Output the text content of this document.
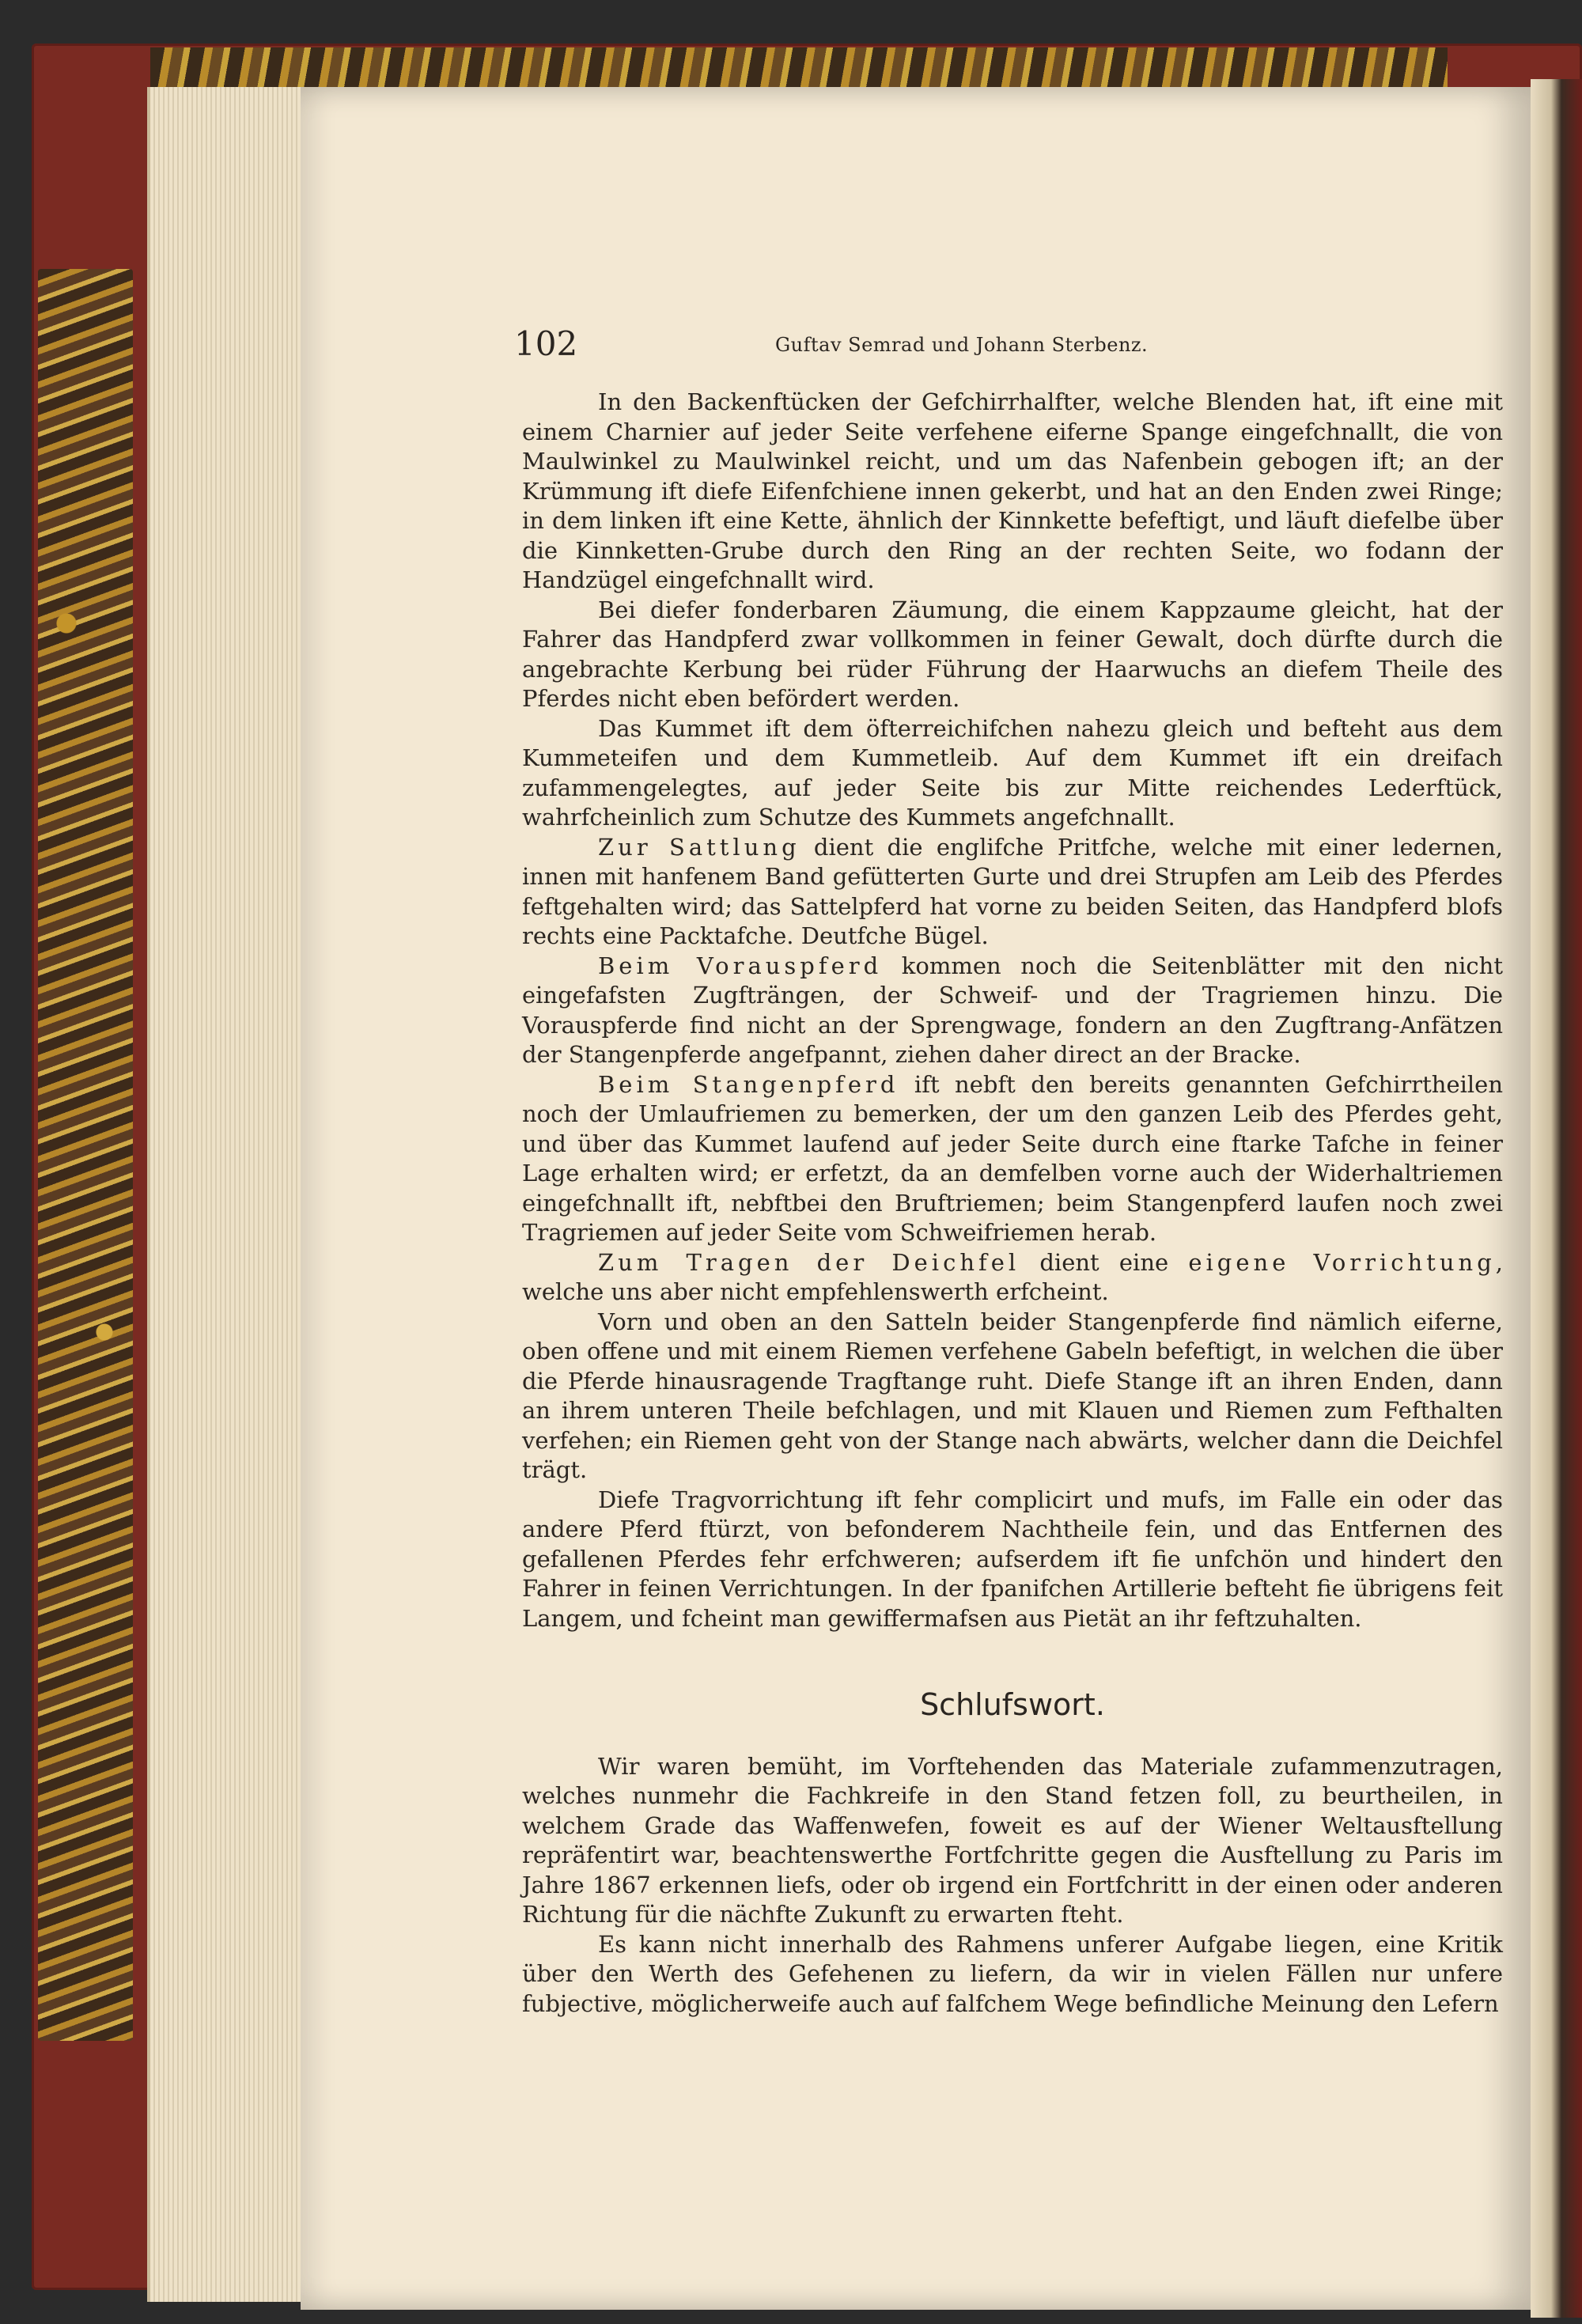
102	Guftav Semrad und Johann Sterbenz.

In den Backenftücken der Gefchirrhalfter, welche Blenden hat, ift eine mit einem Charnier auf jeder Seite verfehene eiferne Spange eingefchnallt, die von Maulwinkel zu Maulwinkel reicht, und um das Nafenbein gebogen ift; an der Krümmung ift diefe Eifenfchiene innen gekerbt, und hat an den Enden zwei Ringe; in dem linken ift eine Kette, ähnlich der Kinnkette befeftigt, und läuft diefelbe über die Kinnketten-Grube durch den Ring an der rechten Seite, wo fodann der Handzügel eingefchnallt wird.

Bei diefer fonderbaren Zäumung, die einem Kappzaume gleicht, hat der Fahrer das Handpferd zwar vollkommen in feiner Gewalt, doch dürfte durch die angebrachte Kerbung bei rüder Führung der Haarwuchs an diefem Theile des Pferdes nicht eben befördert werden.

Das Kummet ift dem öfterreichifchen nahezu gleich und befteht aus dem Kummeteifen und dem Kummetleib. Auf dem Kummet ift ein dreifach zufammengelegtes, auf jeder Seite bis zur Mitte reichendes Lederftück, wahrfcheinlich zum Schutze des Kummets angefchnallt.

Zur Sattlung dient die englifche Pritfche, welche mit einer ledernen, innen mit hanfenem Band gefütterten Gurte und drei Strupfen am Leib des Pferdes feftgehalten wird; das Sattelpferd hat vorne zu beiden Seiten, das Handpferd blofs rechts eine Packtafche. Deutfche Bügel.

Beim Vorauspferd kommen noch die Seitenblätter mit den nicht eingefafsten Zugfträngen, der Schweif- und der Tragriemen hinzu. Die Vorauspferde find nicht an der Sprengwage, fondern an den Zugftrang-Anfätzen der Stangenpferde angefpannt, ziehen daher direct an der Bracke.

Beim Stangenpferd ift nebft den bereits genannten Gefchirrtheilen noch der Umlaufriemen zu bemerken, der um den ganzen Leib des Pferdes geht, und über das Kummet laufend auf jeder Seite durch eine ftarke Tafche in feiner Lage erhalten wird; er erfetzt, da an demfelben vorne auch der Widerhaltriemen eingefchnallt ift, nebftbei den Bruftriemen; beim Stangenpferd laufen noch zwei Tragriemen auf jeder Seite vom Schweifriemen herab.

Zum Tragen der Deichfel dient eine eigene Vorrichtung, welche uns aber nicht empfehlenswerth erfcheint.

Vorn und oben an den Satteln beider Stangenpferde find nämlich eiferne, oben offene und mit einem Riemen verfehene Gabeln befeftigt, in welchen die über die Pferde hinausragende Tragftange ruht. Diefe Stange ift an ihren Enden, dann an ihrem unteren Theile befchlagen, und mit Klauen und Riemen zum Fefthalten verfehen; ein Riemen geht von der Stange nach abwärts, welcher dann die Deichfel trägt.

Diefe Tragvorrichtung ift fehr complicirt und mufs, im Falle ein oder das andere Pferd ftürzt, von befonderem Nachtheile fein, und das Entfernen des gefallenen Pferdes fehr erfchweren; aufserdem ift fie unfchön und hindert den Fahrer in feinen Verrichtungen. In der fpanifchen Artillerie befteht fie übrigens feit Langem, und fcheint man gewiffermafsen aus Pietät an ihr feftzuhalten.

Schlufswort.

Wir waren bemüht, im Vorftehenden das Materiale zufammenzutragen, welches nunmehr die Fachkreife in den Stand fetzen foll, zu beurtheilen, in welchem Grade das Waffenwefen, foweit es auf der Wiener Weltausftellung repräfentirt war, beachtenswerthe Fortfchritte gegen die Ausftellung zu Paris im Jahre 1867 erkennen liefs, oder ob irgend ein Fortfchritt in der einen oder anderen Richtung für die nächfte Zukunft zu erwarten fteht.

Es kann nicht innerhalb des Rahmens unferer Aufgabe liegen, eine Kritik über den Werth des Gefehenen zu liefern, da wir in vielen Fällen nur unfere fubjective, möglicherweife auch auf falfchem Wege befindliche Meinung den Lefern
